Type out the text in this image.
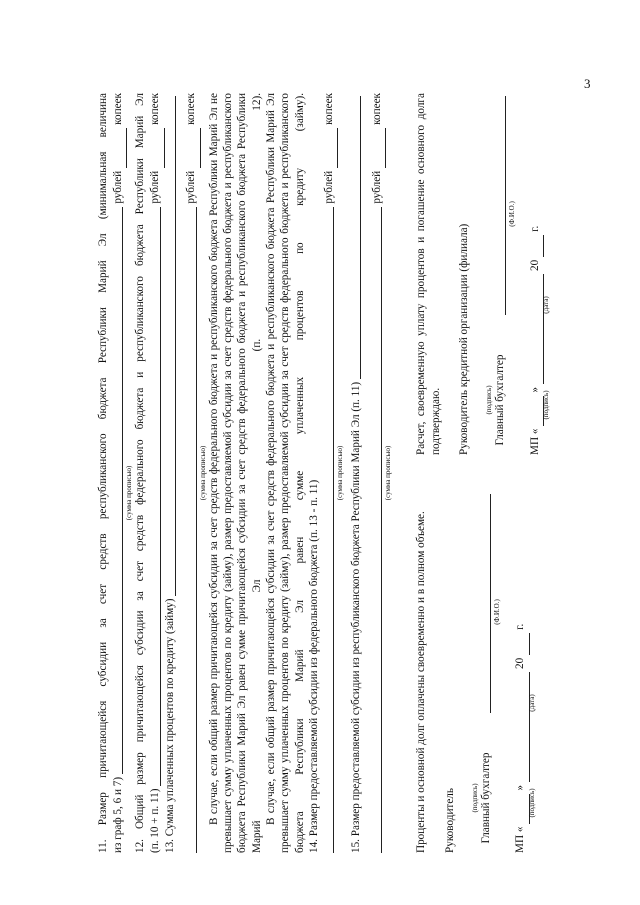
3

11. Размер причитающейся субсидии за счет средств республиканского бюджета Республики Марий Эл (минимальная величина из граф 5, 6 и 7)
рублей
копеек
(сумма прописью) 12. Общий размер причитающейся субсидии за счет средств федерального бюджета и республиканского бюджета Республики Марий Эл (п. 10 + п. 11)
рублей
копеек
13. Сумма уплаченных процентов по кредиту (займу)
рублей
копеек
(сумма прописью) В случае, если общий размер причитающейся субсидии за счет средств федерального бюджета и республиканского бюджета Республики Марий Эл не превышает сумму уплаченных процентов по кредиту (займу), размер предоставляемой субсидии за счет средств федерального бюджета и республиканского бюджета Республики Марий Эл равен сумме причитающейся субсидии за счет средств федерального бюджета и республиканского бюджета Республики Марий Эл (п. 12). В случае, если общий размер причитающейся субсидии за счет средств федерального бюджета и республиканского бюджета Республики Марий Эл превышает сумму уплаченных процентов по кредиту (займу), размер предоставляемой субсидии за счет средств федерального бюджета и республиканского бюджета Республики Марий Эл равен сумме уплаченных процентов по кредиту (займу). 14. Размер предоставляемой субсидии из федерального бюджета (п. 13 - п. 11)
рублей
копеек
(сумма прописью) 15. Размер предоставляемой субсидии из республиканского бюджета Республики Марий Эл (п. 11)
рублей
копеек
(сумма прописью)

Проценты и основной долг оплачены своевременно и в полном объеме. Руководитель (подпись) Главный бухгалтер
(Ф.И.О.)
МП «
»
20
г.
(подпись)
(дата)

Расчет, своевременную уплату процентов и погашение основного долга подтверждаю. Руководитель кредитной организации (филиала) (подпись) Главный бухгалтер
(Ф.И.О.)
МП «
»
20
г.
(подпись)
(дата)
